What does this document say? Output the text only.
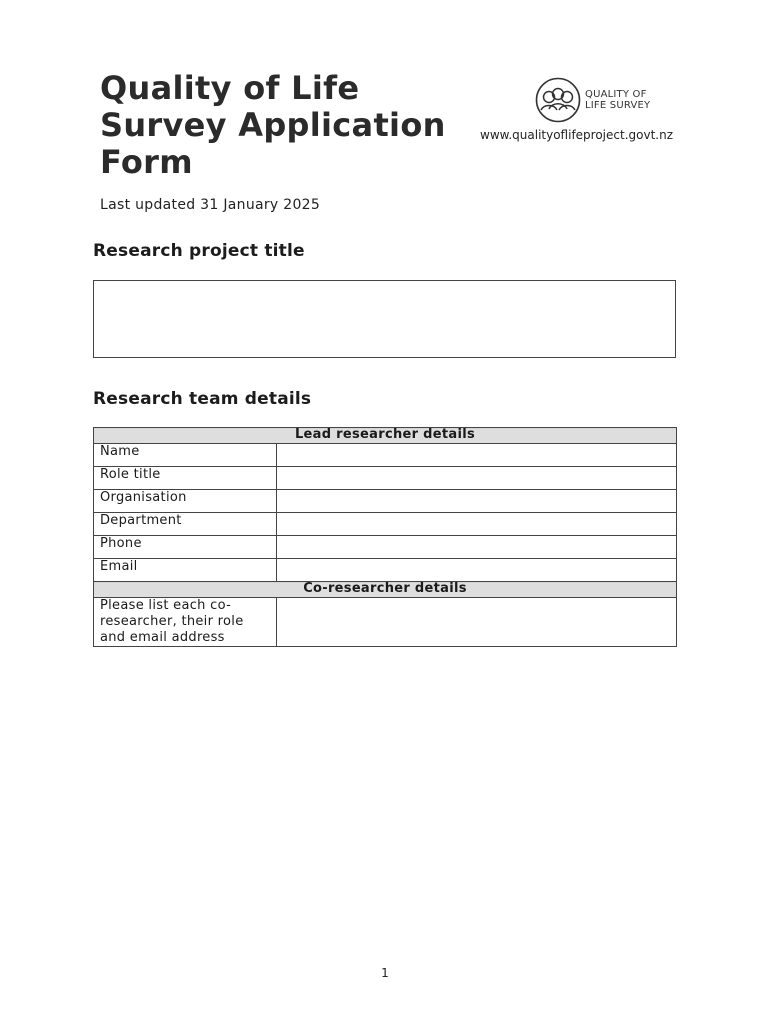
Quality of Life
Survey Application
Form
QUALITY OF
LIFE SURVEY
www.qualityoflifeproject.govt.nz
Last updated 31 January 2025
Research project title
Research team details
Lead researcher details	
Name	
Role title	
Organisation	
Department	
Phone	
Email	
Co-researcher details	
Please list each co-researcher, their role and email address	
1
